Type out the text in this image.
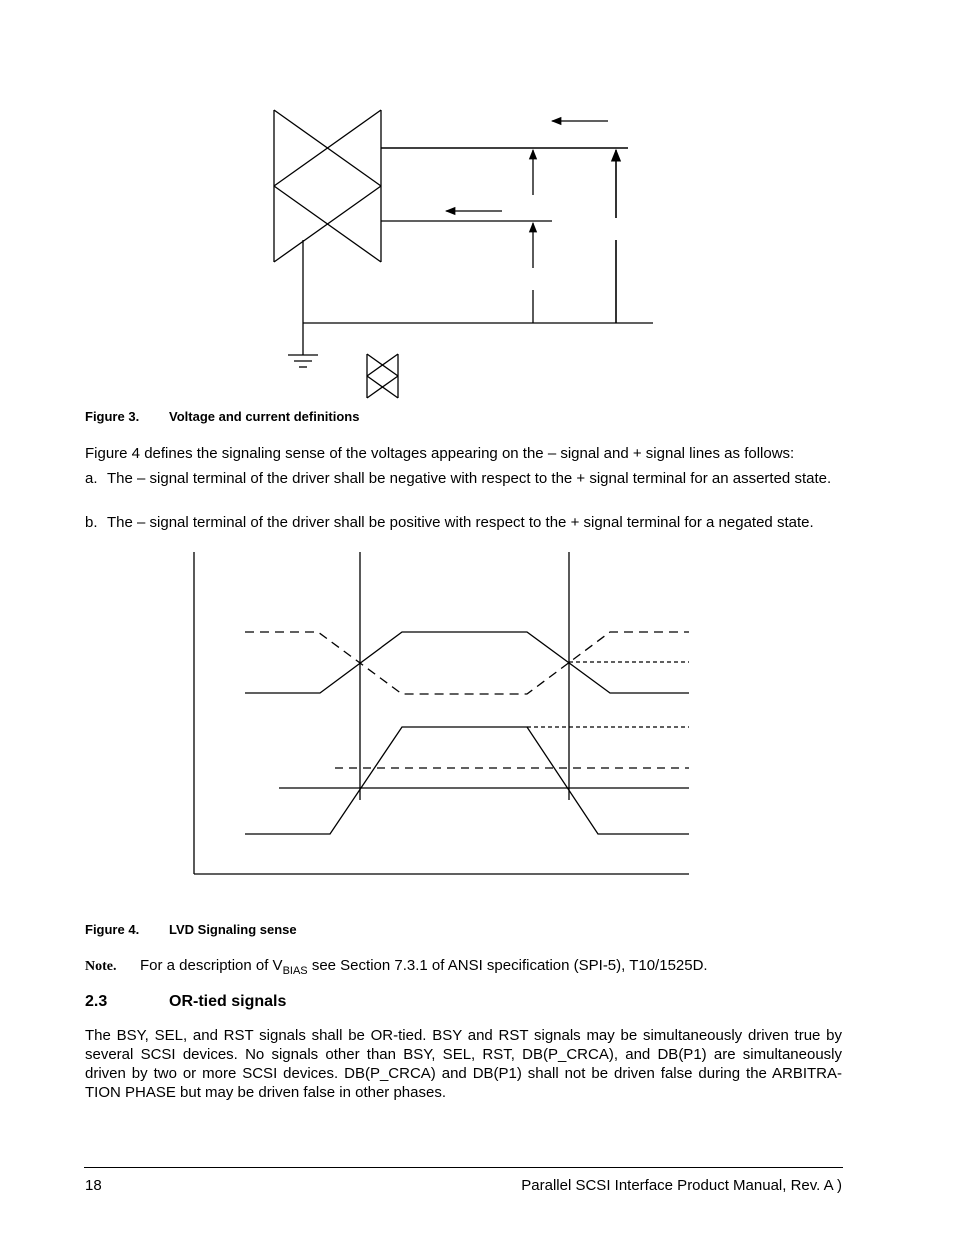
Figure 3. Voltage and current definitions
Figure 4 defines the signaling sense of the voltages appearing on the – signal and + signal lines as follows:
a. The – signal terminal of the driver shall be negative with respect to the + signal terminal for an asserted state.
b. The – signal terminal of the driver shall be positive with respect to the + signal terminal for a negated state.
Figure 4. LVD Signaling sense
Note. For a description of $V_{BIAS}$ see Section 7.3.1 of ANSI specification (SPI-5), T10/1525D.
2.3	OR-tied signals
The BSY, SEL, and RST signals shall be OR-tied. BSY and RST signals may be simultaneously driven true by several SCSI devices. No signals other than BSY, SEL, RST, DB(P_CRCA), and DB(P1) are simultaneously driven by two or more SCSI devices. DB(P_CRCA) and DB(P1) shall not be driven false during the ARBITRA-TION PHASE but may be driven false in other phases.
18	Parallel SCSI Interface Product Manual, Rev. A )
